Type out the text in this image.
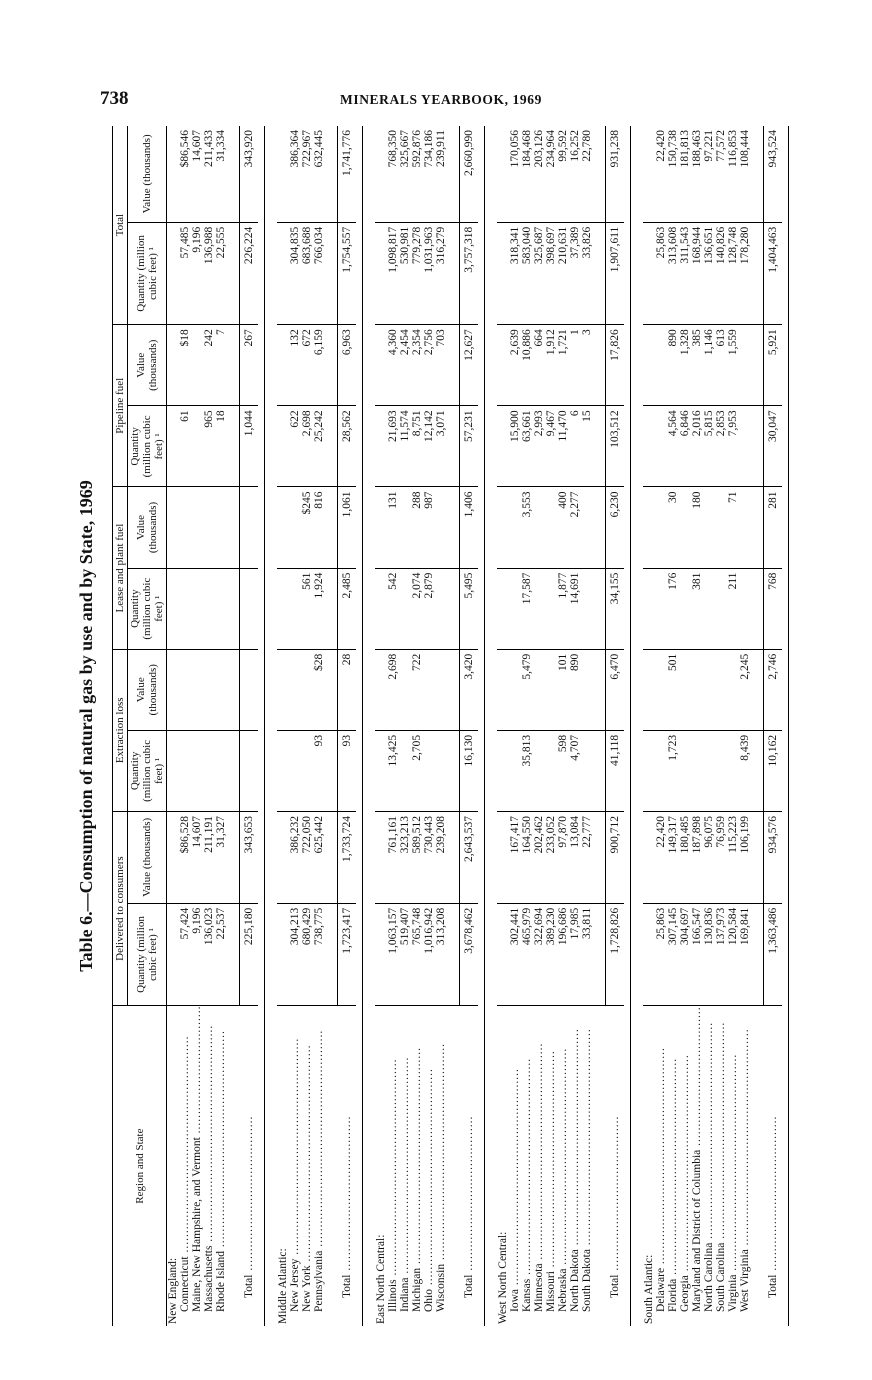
738	MINERALS YEARBOOK, 1969
Table 6.—Consumption of natural gas by use and by State, 1969
Region and State	Delivered to consumers		Extraction loss		Lease and plant fuel		Pipeline fuel		Total	
	Quantity (million cubic feet) ¹	Value (thousands)	Quantity (million cubic feet) ¹	Value (thousands)	Quantity (million cubic feet) ¹	Value (thousands)	Quantity (million cubic feet) ¹	Value (thousands)	Quantity (million cubic feet) ¹	Value (thousands)
New England:										
Connecticut .....	57,424	$86,528					61	$18	57,485	$86,546
Maine, New Hampshire, and Vermont .....	9,196	14,607							9,196	14,607
Massachusetts .....	136,023	211,191					965	242	136,988	211,433
Rhode Island .....	22,537	31,327					18	7	22,555	31,334

Total .....	225,180	343,653					1,044	267	226,224	343,920

Middle Atlantic:										
New Jersey .....	304,213	386,232					622	132	304,835	386,364
New York .....	680,429	722,050			561	$245	2,698	672	683,688	722,967
Pennsylvania .....	738,775	625,442	93	$28	1,924	816	25,242	6,159	766,034	632,445

Total .....	1,723,417	1,733,724	93	28	2,485	1,061	28,562	6,963	1,754,557	1,741,776

East North Central:										
Illinois .....	1,063,157	761,161	13,425	2,698	542	131	21,693	4,360	1,098,817	768,350
Indiana .....	519,407	323,213					11,574	2,454	530,981	325,667
Michigan .....	765,748	589,512	2,705	722	2,074	288	8,751	2,354	779,278	592,876
Ohio .....	1,016,942	730,443			2,879	987	12,142	2,756	1,031,963	734,186
Wisconsin .....	313,208	239,208					3,071	703	316,279	239,911

Total .....	3,678,462	2,643,537	16,130	3,420	5,495	1,406	57,231	12,627	3,757,318	2,660,990

West North Central:										
Iowa .....	302,441	167,417					15,900	2,639	318,341	170,056
Kansas .....	465,979	164,550	35,813	5,479	17,587	3,553	63,661	10,886	583,040	184,468
Minnesota .....	322,694	202,462					2,993	664	325,687	203,126
Missouri .....	389,230	233,052					9,467	1,912	398,697	234,964
Nebraska .....	196,686	97,870	598	101	1,877	400	11,470	1,721	210,631	99,592
North Dakota .....	17,985	13,084	4,707	890	14,691	2,277	6	1	37,389	16,252
South Dakota .....	33,811	22,777					15	3	33,826	22,780

Total .....	1,728,826	900,712	41,118	6,470	34,155	6,230	103,512	17,826	1,907,611	931,238

South Atlantic:										
Delaware .....	25,863	22,420							25,863	22,420
Florida .....	307,145	149,317	1,723	501	176	30	4,564	890	313,608	150,738
Georgia .....	304,697	180,485					6,846	1,328	311,543	181,813
Maryland and District of Columbia .....	166,547	187,898			381	180	2,016	385	168,944	188,463
North Carolina .....	130,836	96,075					5,815	1,146	136,651	97,221
South Carolina .....	137,973	76,959					2,853	613	140,826	77,572
Virginia .....	120,584	115,223			211	71	7,953	1,559	128,748	116,853
West Virginia .....	169,841	106,199	8,439	2,245					178,280	108,444

Total .....	1,363,486	934,576	10,162	2,746	768	281	30,047	5,921	1,404,463	943,524
